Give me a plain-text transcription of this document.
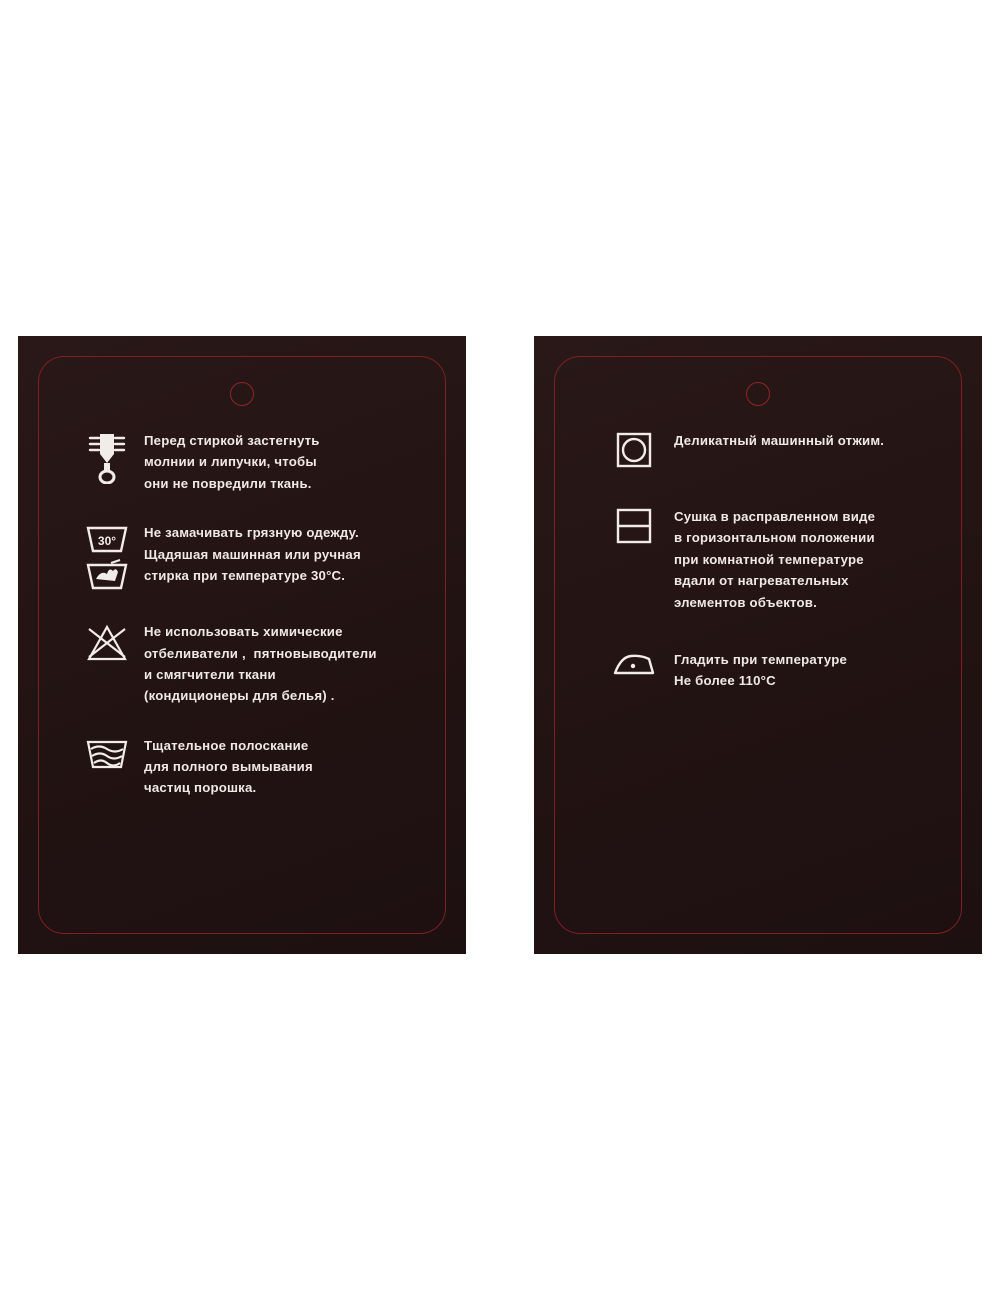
Перед стиркой застегнуть
молнии и липучки, чтобы
они не повредили ткань.
30°
Не замачивать грязную одежду.
Щадяшая машинная или ручная
стирка при температуре 30°С.
Не использовать химические
отбеливатели ,  пятновыводители
и смягчители ткани
(кондиционеры для белья) .
Тщательное полоскание
для полного вымывания
частиц порошка.
Деликатный машинный отжим.
Сушка в расправленном виде
в горизонтальном положении
при комнатной температуре
вдали от нагревательных
элементов объектов.
Гладить при температуре
Не более 110°С
